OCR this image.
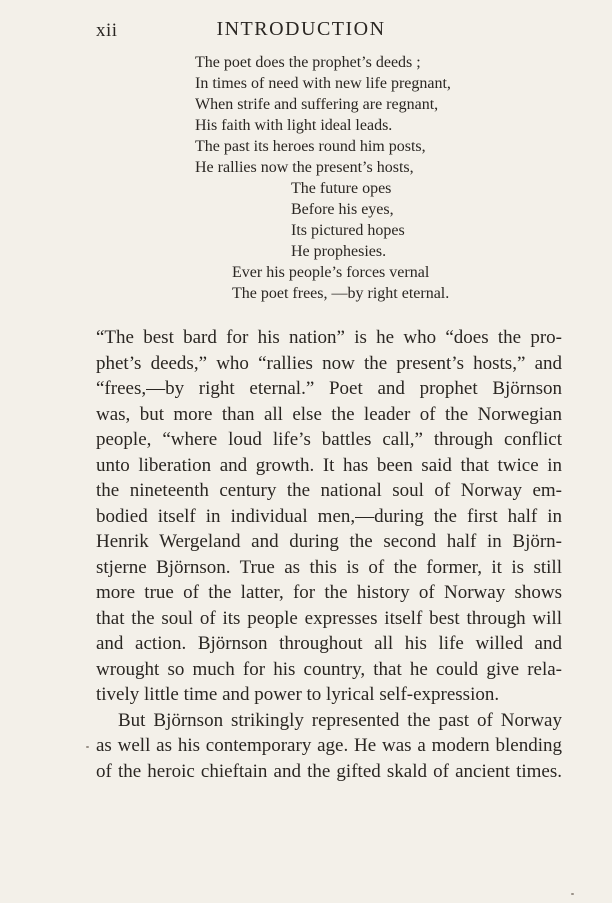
xii	INTRODUCTION
The poet does the prophet’s deeds ;
In times of need with new life pregnant,
When strife and suffering are regnant,
His faith with light ideal leads.
The past its heroes round him posts,
He rallies now the present’s hosts,
The future opes
Before his eyes,
Its pictured hopes
He prophesies.
Ever his people’s forces vernal
The poet frees, —by right eternal.
“The best bard for his nation” is he who “does the pro-
phet’s deeds,” who “rallies now the present’s hosts,” and
“frees,—by right eternal.” Poet and prophet Björnson
was, but more than all else the leader of the Norwegian
people, “where loud life’s battles call,” through conflict
unto liberation and growth. It has been said that twice in
the nineteenth century the national soul of Norway em-
bodied itself in individual men,—during the first half in
Henrik Wergeland and during the second half in Björn-
stjerne Björnson. True as this is of the former, it is still
more true of the latter, for the history of Norway shows
that the soul of its people expresses itself best through will
and action. Björnson throughout all his life willed and
wrought so much for his country, that he could give rela-
tively little time and power to lyrical self-expression.
But Björnson strikingly represented the past of Norway
as well as his contemporary age. He was a modern blending
of the heroic chieftain and the gifted skald of ancient times.
